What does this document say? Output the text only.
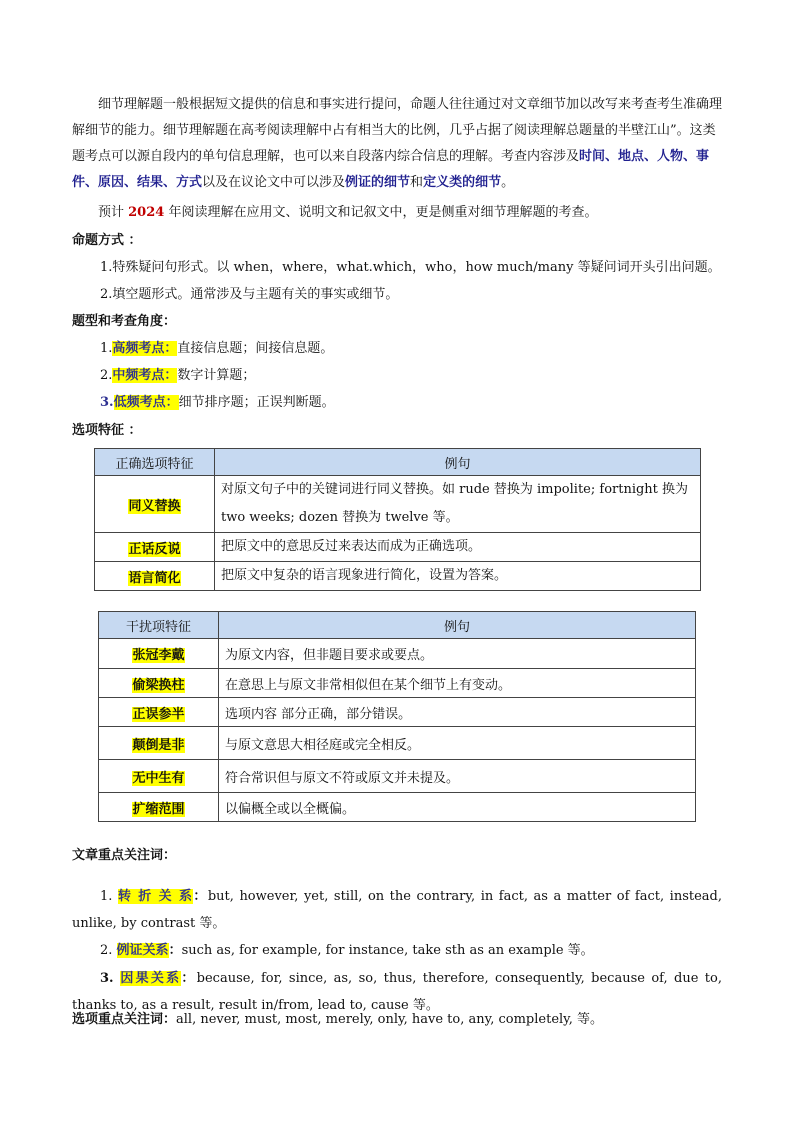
细节理解题一般根据短文提供的信息和事实进行提问，命题人往往通过对文章细节加以改写来考查考生准确理解细节的能力。细节理解题在高考阅读理解中占有相当大的比例，几乎占据了阅读理解总题量的半壁江山”。这类题考点可以源自段内的单句信息理解，也可以来自段落内综合信息的理解。考查内容涉及时间、地点、人物、事件、原因、结果、方式以及在议论文中可以涉及例证的细节和定义类的细节。

预计 2024 年阅读理解在应用文、说明文和记叙文中，更是侧重对细节理解题的考查。

命题方式 ：
1.特殊疑问句形式。以 when，where，what.which，who，how much/many 等疑问词开头引出问题。
2.填空题形式。通常涉及与主题有关的事实或细节。
题型和考查角度：
1.高频考点：直接信息题；间接信息题。
2.中频考点：数字计算题；
3.低频考点：细节排序题；正误判断题。
选项特征 ：
正确选项特征	例句
同义替换	对原文句子中的关键词进行同义替换。如 rude 替换为 impolite; fortnight 换为 two weeks; dozen 替换为 twelve 等。
正话反说	把原文中的意思反过来表达而成为正确选项。
语言简化	把原文中复杂的语言现象进行简化，设置为答案。
干扰项特征	例句
张冠李戴	为原文内容，但非题目要求或要点。
偷梁换柱	在意思上与原文非常相似但在某个细节上有变动。
正误参半	选项内容 部分正确，部分错误。
颠倒是非	与原文意思大相径庭或完全相反。
无中生有	符合常识但与原文不符或原文并未提及。
扩缩范围	以偏概全或以全概偏。
文章重点关注词：

1. 转 折 关 系：but, however, yet, still, on the contrary, in fact, as a matter of fact, instead, unlike, by contrast 等。

2. 例证关系：such as, for example, for instance, take sth as an example 等。

3. 因果关系：because, for, since, as, so, thus, therefore, consequently, because of, due to, thanks to, as a result, result in/from, lead to, cause 等。

选项重点关注词：all, never, must, most, merely, only, have to, any, completely, 等。
